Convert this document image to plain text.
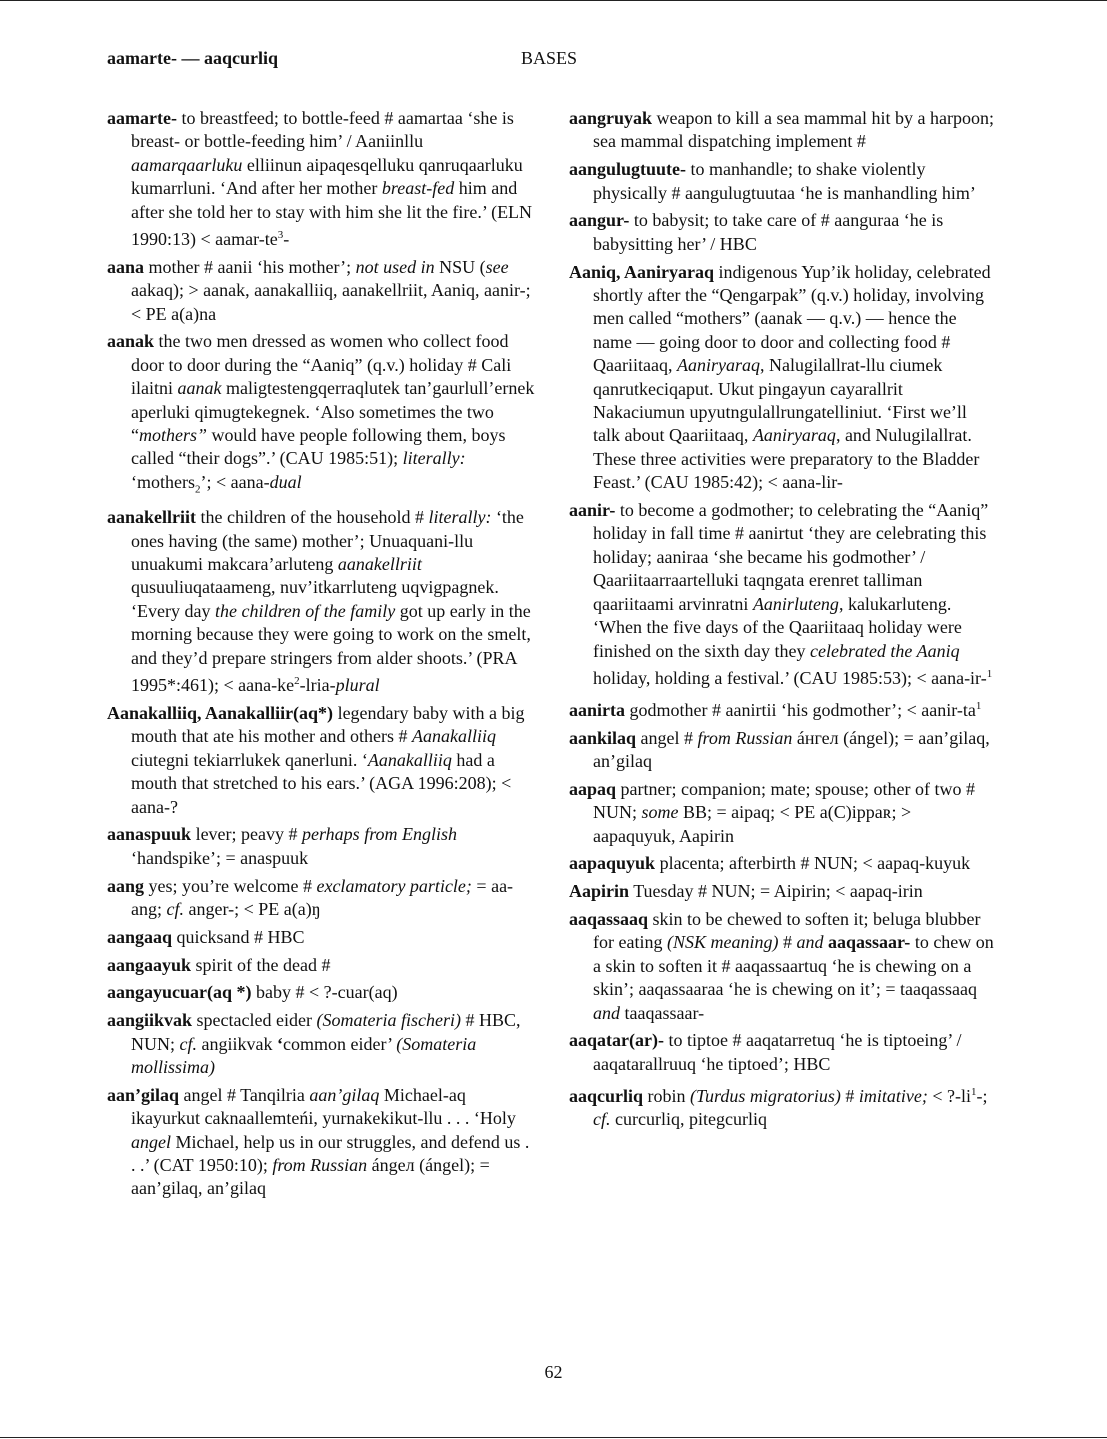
aamarte- — aaqcurliq	BASES

aamarte- to breastfeed; to bottle-feed # aamartaa ‘she is breast- or bottle-feeding him’ / Aaniinllu aamarqaarluku elliinun aipaqesqelluku qanruqaarluku kumarrluni. ‘And after her mother breast-fed him and after she told her to stay with him she lit the fire.’ (ELN 1990:13) < aamar-$te^3-$

aana mother # aanii ‘his mother’; not used in NSU (see aakaq); > aanak, aanakalliiq, aanakellriit, Aaniq, aanir-; < PE a(a)na

aanak the two men dressed as women who collect food door to door during the “Aaniq” (q.v.) holiday # Cali ilaitni aanak maligtestengqerraqlutek tan’gaurlull’ernek aperluki qimugtekegnek. ‘Also sometimes the two “mothers” would have people following them, boys called “their dogs”.’ (CAU 1985:51); literally: ‘mothers$_2$’; < aana-dual

aanakellriit the children of the household # literally: ‘the ones having (the same) mother’; Unuaquani-llu unuakumi makcara’arluteng aanakellriit qusuuliuqataameng, nuv’itkarrluteng uqvigpagnek. ‘Every day the children of the family got up early in the morning because they were going to work on the smelt, and they’d prepare stringers from alder shoots.’ (PRA 1995*:461); < aana-$ke^2-lria$-plural

Aanakalliiq, Aanakalliir(aq*) legendary baby with a big mouth that ate his mother and others # Aanakalliiq ciutegni tekiarrlukek qanerluni. ‘Aanakalliiq had a mouth that stretched to his ears.’ (AGA 1996:208); < aana-?

aanaspuuk lever; peavy # perhaps from English ‘handspike’; = anaspuuk

aang yes; you’re welcome # exclamatory particle; = aa-ang; cf. anger-; < PE a(a)ŋ

aangaaq quicksand # HBC

aangaayuk spirit of the dead #

aangayucuar(aq *) baby # < ?-cuar(aq)

aangiikvak spectacled eider (Somateria fischeri) # HBC, NUN; cf. angiikvak ‘common eider’ (Somateria mollissima)

aan’gilaq angel # Tanqilria aan’gilaq Michael-aq ikayurkut caknaallemteńi, yurnakekikut-llu . . . ‘Holy angel Michael, help us in our struggles, and defend us . . .’ (CAT 1950:10); from Russian ángел (ángel); = aan’gilaq, an’gilaq

aangruyak weapon to kill a sea mammal hit by a harpoon; sea mammal dispatching implement #

aangulugtuute- to manhandle; to shake violently physically # aangulugtuutaa ‘he is manhandling him’

aangur- to babysit; to take care of # aanguraa ‘he is babysitting her’ / HBC

Aaniq, Aaniryaraq indigenous Yup’ik holiday, celebrated shortly after the “Qengarpak” (q.v.) holiday, involving men called “mothers” (aanak — q.v.) — hence the name — going door to door and collecting food # Qaariitaaq, Aaniryaraq, Nalugilallrat-llu ciumek qanrutkeciqaput. Ukut pingayun cayarallrit Nakaciumun upyutngulallrungatelliniut. ‘First we’ll talk about Qaariitaaq, Aaniryaraq, and Nulugilallrat. These three activities were preparatory to the Bladder Feast.’ (CAU 1985:42); < aana-lir-

aanir- to become a godmother; to celebrating the “Aaniq” holiday in fall time # aanirtut ‘they are celebrating this holiday; aaniraa ‘she became his godmother’ / Qaariitaarraartelluki taqngata erenret talliman qaariitaami arvinratni Aanirluteng, kalukarluteng. ‘When the five days of the Qaariitaaq holiday were finished on the sixth day they celebrated the Aaniq holiday, holding a festival.’ (CAU 1985:53); < aana-ir-$^1$

aanirta godmother # aanirtii ‘his godmother’; < aanir-$ta^1$

aankilaq angel # from Russian áнгел (ángel); = aan’gilaq, an’gilaq

aapaq partner; companion; mate; spouse; other of two # NUN; some BB; = aipaq; < PE a(C)ippaʀ; > aapaquyuk, Aapirin

aapaquyuk placenta; afterbirth # NUN; < aapaq-kuyuk

Aapirin Tuesday # NUN; = Aipirin; < aapaq-irin

aaqassaaq skin to be chewed to soften it; beluga blubber for eating (NSK meaning) # and aaqassaar- to chew on a skin to soften it # aaqassaartuq ‘he is chewing on a skin’; aaqassaaraa ‘he is chewing on it’; = taaqassaaq and taaqassaar-

aaqatar(ar)- to tiptoe # aaqatarretuq ‘he is tiptoeing’ / aaqatarallruuq ‘he tiptoed’; HBC

aaqcurliq robin (Turdus migratorius) # imitative; < $?-li^1-$; cf. curcurliq, pitegcurliq

62
